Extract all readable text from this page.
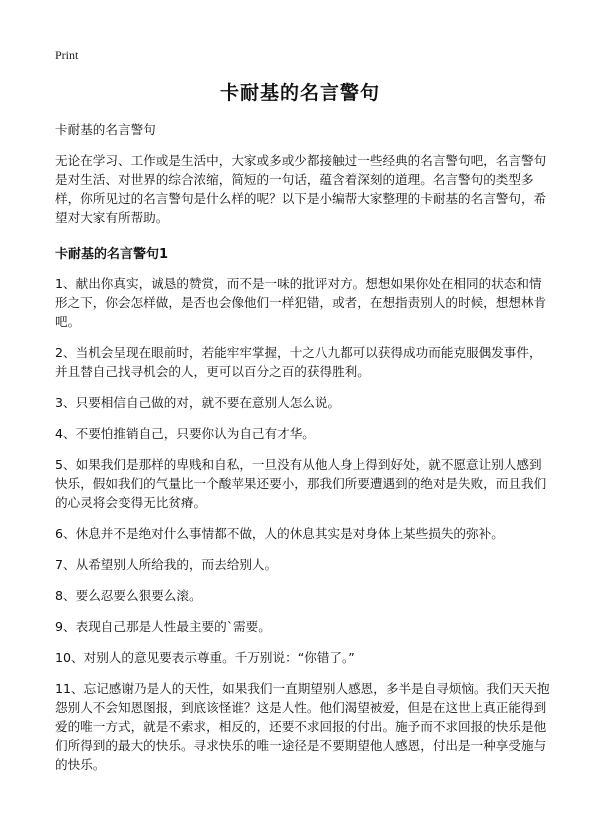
Print
卡耐基的名言警句

卡耐基的名言警句

无论在学习、工作或是生活中，大家或多或少都接触过一些经典的名言警句吧，名言警句是对生活、对世界的综合浓缩，简短的一句话，蕴含着深刻的道理。名言警句的类型多样，你所见过的名言警句是什么样的呢？以下是小编帮大家整理的卡耐基的名言警句，希望对大家有所帮助。

卡耐基的名言警句1

1、献出你真实，诚恳的赞赏，而不是一味的批评对方。想想如果你处在相同的状态和情形之下，你会怎样做，是否也会像他们一样犯错，或者，在想指责别人的时候，想想林肯吧。

2、当机会呈现在眼前时，若能牢牢掌握，十之八九都可以获得成功而能克服偶发事件，并且替自己找寻机会的人，更可以百分之百的获得胜利。

3、只要相信自己做的对，就不要在意别人怎么说。

4、不要怕推销自己，只要你认为自己有才华。

5、如果我们是那样的卑贱和自私，一旦没有从他人身上得到好处，就不愿意让别人感到快乐，假如我们的气量比一个酸苹果还要小，那我们所要遭遇到的绝对是失败，而且我们的心灵将会变得无比贫瘠。

6、休息并不是绝对什么事情都不做，人的休息其实是对身体上某些损失的弥补。

7、从希望别人所给我的，而去给别人。

8、要么忍要么狠要么滚。

9、表现自己那是人性最主要的`需要。

10、对别人的意见要表示尊重。千万别说：“你错了。”

11、忘记感谢乃是人的天性，如果我们一直期望别人感恩，多半是自寻烦恼。我们天天抱怨别人不会知恩图报，到底该怪谁？这是人性。他们渴望被爱，但是在这世上真正能得到爱的唯一方式，就是不索求，相反的，还要不求回报的付出。施予而不求回报的快乐是他们所得到的最大的快乐。寻求快乐的唯一途径是不要期望他人感恩，付出是一种享受施与的快乐。
